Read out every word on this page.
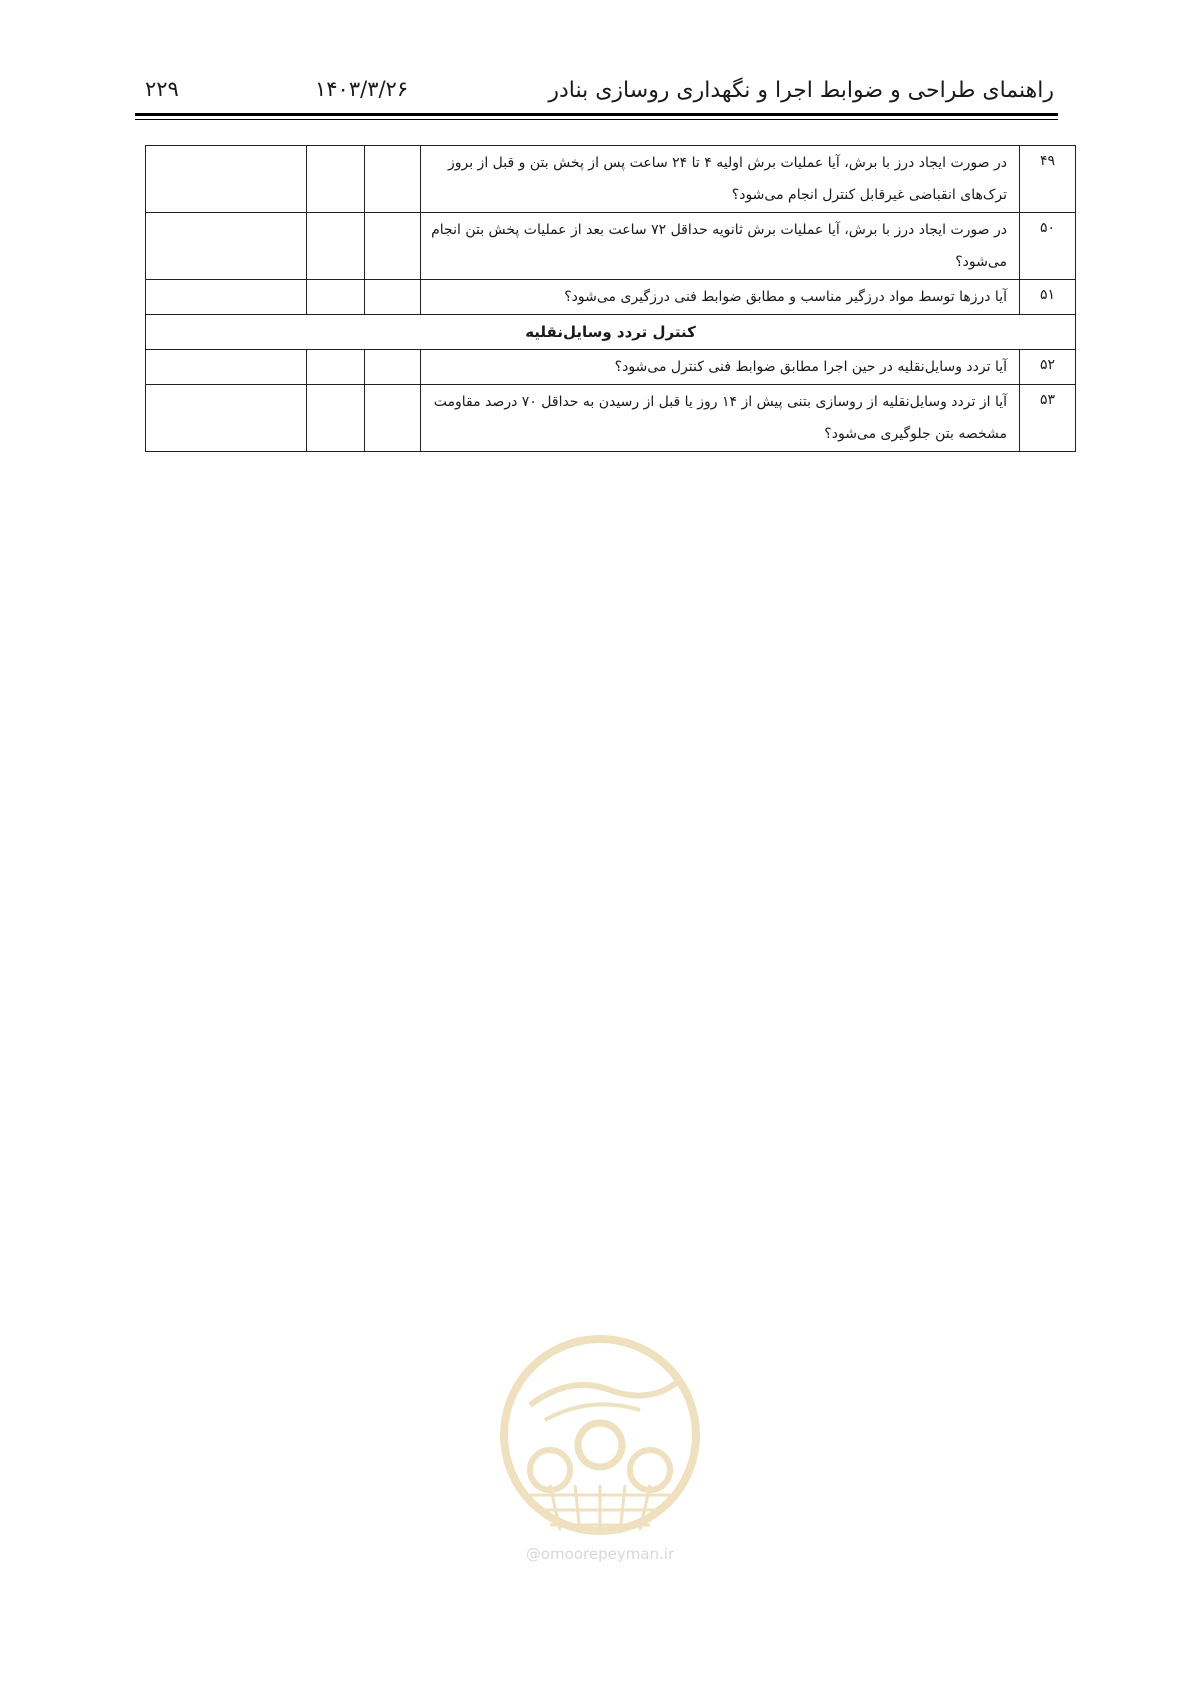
راهنمای طراحی و ضوابط اجرا و نگهداری روسازی بنادر
۱۴۰۳/۳/۲۶
۲۲۹
۴۹	در صورت ایجاد درز با برش، آیا عملیات برش اولیه ۴ تا ۲۴ ساعت پس از پخش بتن و قبل از بروز ترک‌های انقباضی غیرقابل کنترل انجام می‌شود؟			
۵۰	در صورت ایجاد درز با برش، آیا عملیات برش ثانویه حداقل ۷۲ ساعت بعد از عملیات پخش بتن انجام می‌شود؟			
۵۱	آیا درزها توسط مواد درزگیر مناسب و مطابق ضوابط فنی درزگیری می‌شود؟			
کنترل تردد وسایل‌نقلیه				
۵۲	آیا تردد وسایل‌نقلیه در حین اجرا مطابق ضوابط فنی کنترل می‌شود؟			
۵۳	آیا از تردد وسایل‌نقلیه از روسازی بتنی پیش از ۱۴ روز یا قبل از رسیدن به حداقل ۷۰ درصد مقاومت مشخصه بتن جلوگیری می‌شود؟			
@omoorepeyman.ir
